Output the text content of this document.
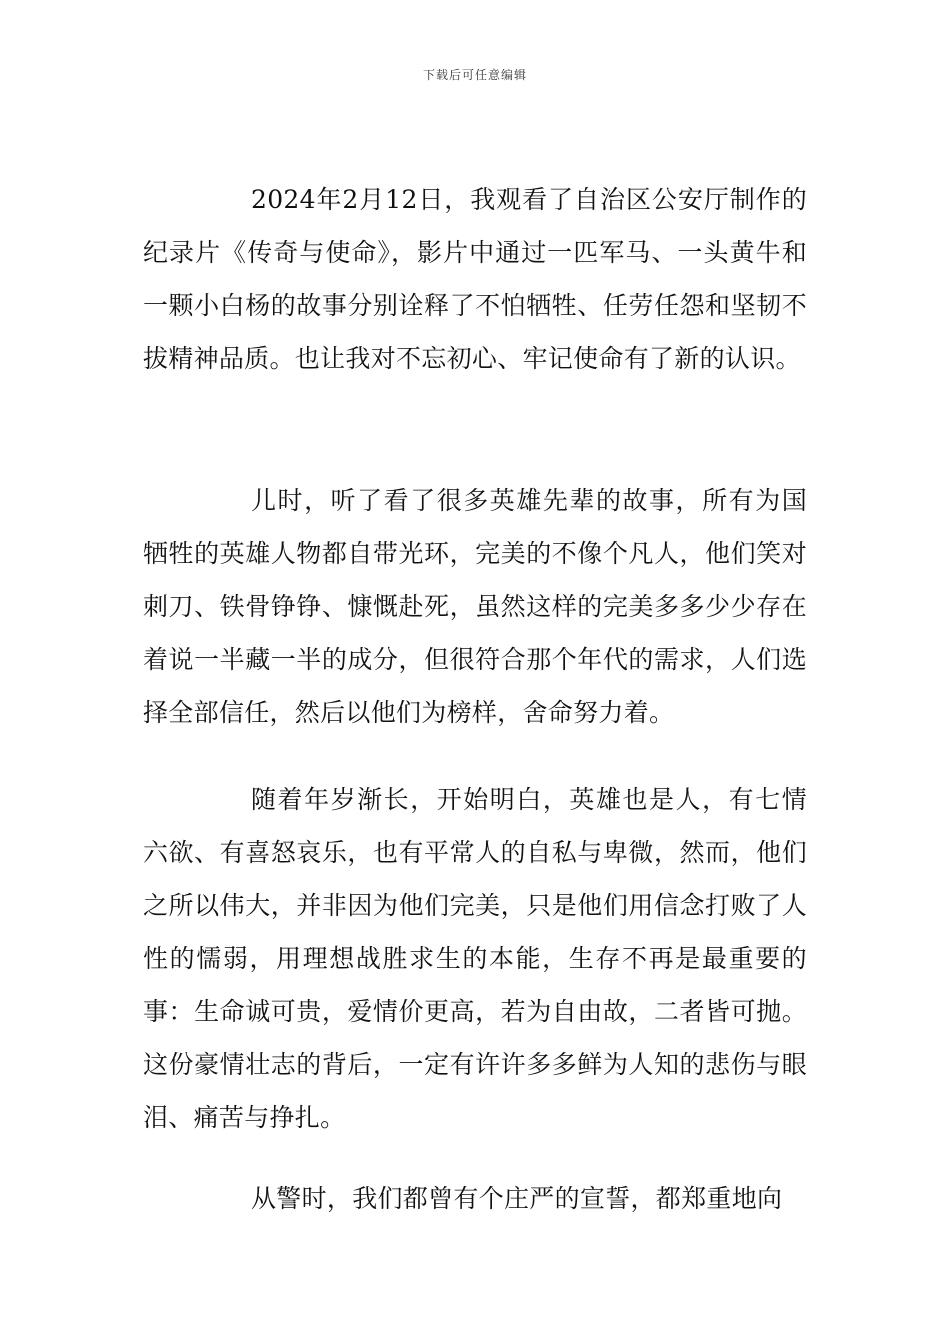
下载后可任意编辑

2024年2月12日，我观看了自治区公安厅制作的纪录片《传奇与使命》，影片中通过一匹军马、一头黄牛和一颗小白杨的故事分别诠释了不怕牺牲、任劳任怨和坚韧不拔精神品质。也让我对不忘初心、牢记使命有了新的认识。

儿时，听了看了很多英雄先辈的故事，所有为国牺牲的英雄人物都自带光环，完美的不像个凡人，他们笑对刺刀、铁骨铮铮、慷慨赴死，虽然这样的完美多多少少存在着说一半藏一半的成分，但很符合那个年代的需求，人们选择全部信任，然后以他们为榜样，舍命努力着。

随着年岁渐长，开始明白，英雄也是人，有七情六欲、有喜怒哀乐，也有平常人的自私与卑微，然而，他们之所以伟大，并非因为他们完美，只是他们用信念打败了人性的懦弱，用理想战胜求生的本能，生存不再是最重要的事：生命诚可贵，爱情价更高，若为自由故，二者皆可抛。这份豪情壮志的背后，一定有许许多多鲜为人知的悲伤与眼泪、痛苦与挣扎。

从警时，我们都曾有个庄严的宣誓，都郑重地向
